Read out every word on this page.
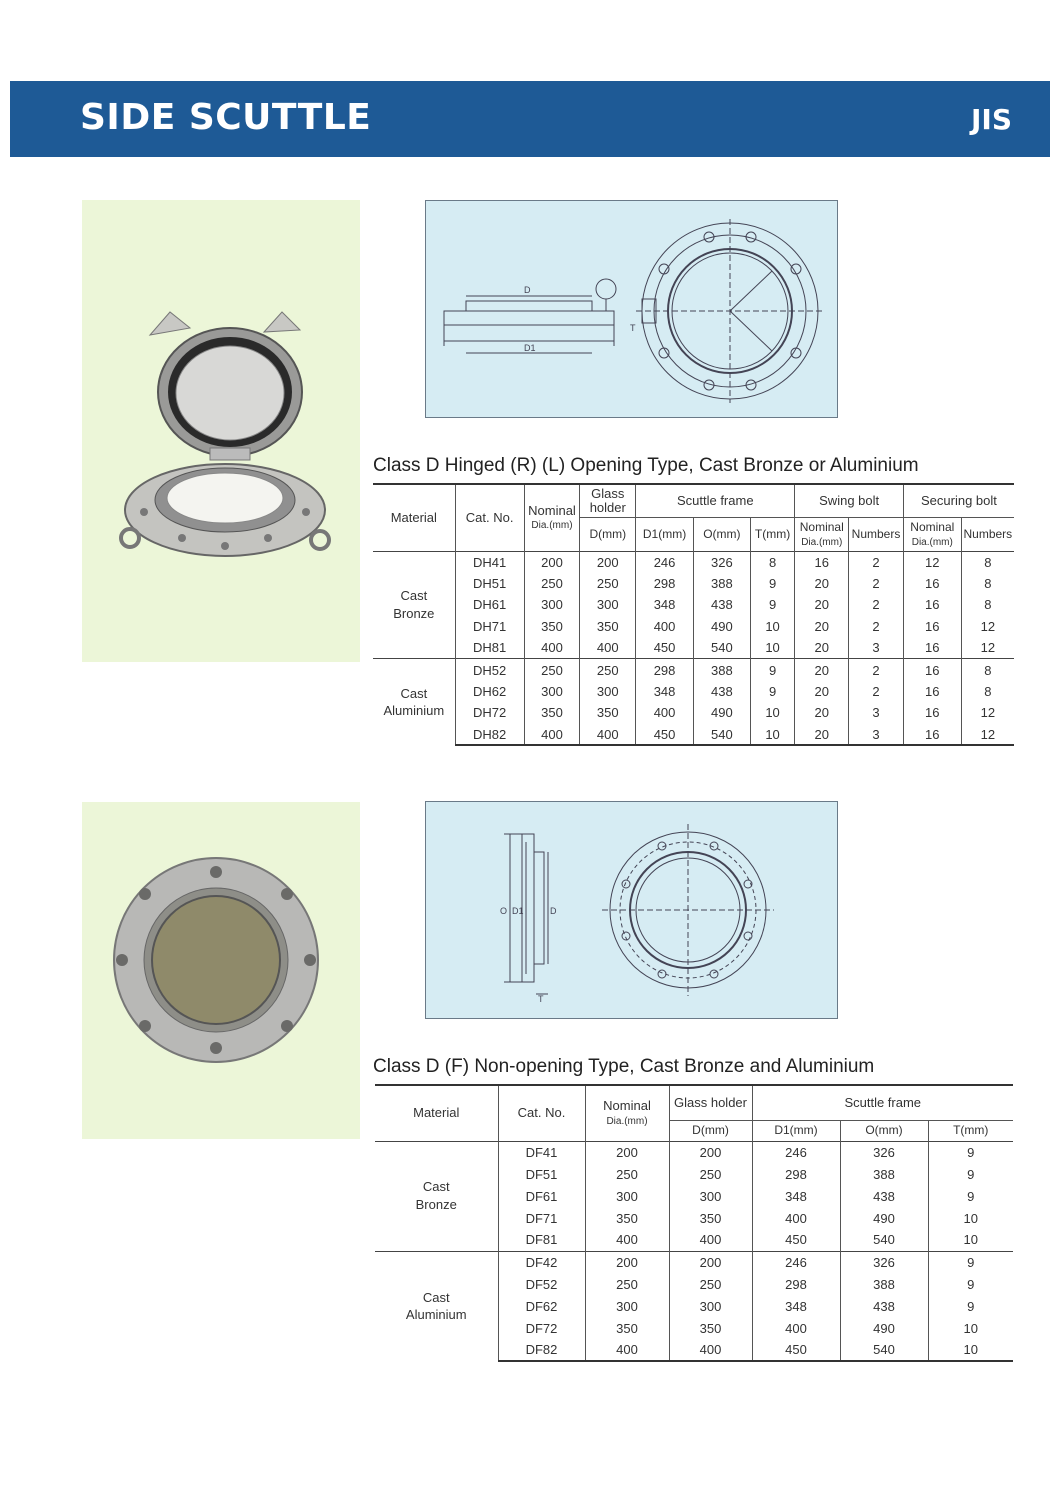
SIDE SCUTTLE	JIS
D
D1
T
Class D Hinged (R) (L) Opening Type, Cast Bronze or Aluminium
Material	Cat. No.	Nominal
Dia.(mm)	Glass holder	Scuttle frame			Swing bolt		Securing bolt	
			D(mm)	D1(mm)	O(mm)	T(mm)	Nominal
Dia.(mm)	Numbers	Nominal
Dia.(mm)	Numbers
Cast
Bronze	DH41	200	200	246	326	8	16	2	12	8
	DH51	250	250	298	388	9	20	2	16	8
	DH61	300	300	348	438	9	20	2	16	8
	DH71	350	350	400	490	10	20	2	16	12
	DH81	400	400	450	540	10	20	3	16	12
Cast
Aluminium	DH52	250	250	298	388	9	20	2	16	8
	DH62	300	300	348	438	9	20	2	16	8
	DH72	350	350	400	490	10	20	3	16	12
	DH82	400	400	450	540	10	20	3	16	12
O D1	D
T
Class D (F) Non-opening Type, Cast Bronze and Aluminium
Material	Cat. No.	Nominal
Dia.(mm)	Glass holder	Scuttle frame		
			D(mm)	D1(mm)	O(mm)	T(mm)
Cast
Bronze	DF41	200	200	246	326	9
	DF51	250	250	298	388	9
	DF61	300	300	348	438	9
	DF71	350	350	400	490	10
	DF81	400	400	450	540	10
Cast
Aluminium	DF42	200	200	246	326	9
	DF52	250	250	298	388	9
	DF62	300	300	348	438	9
	DF72	350	350	400	490	10
	DF82	400	400	450	540	10
